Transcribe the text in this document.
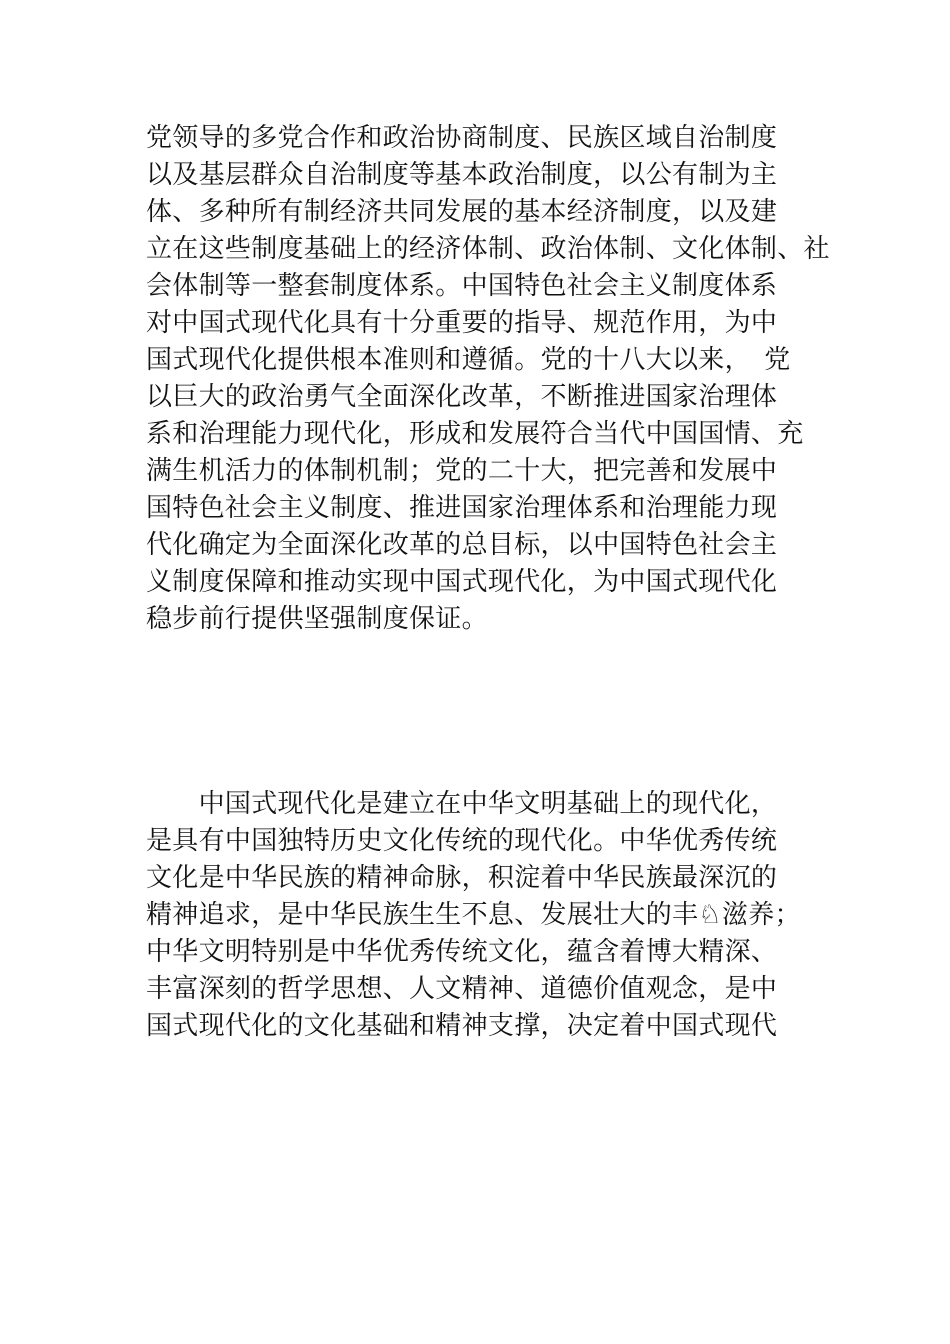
党领导的多党合作和政治协商制度、民族区域自治制度
以及基层群众自治制度等基本政治制度，以公有制为主
体、多种所有制经济共同发展的基本经济制度，以及建
立在这些制度基础上的经济体制、政治体制、文化体制、社
会体制等一整套制度体系。中国特色社会主义制度体系
对中国式现代化具有十分重要的指导、规范作用，为中
国式现代化提供根本准则和遵循。党的十八大以来，　党
以巨大的政治勇气全面深化改革，不断推进国家治理体
系和治理能力现代化，形成和发展符合当代中国国情、充
满生机活力的体制机制；党的二十大，把完善和发展中
国特色社会主义制度、推进国家治理体系和治理能力现
代化确定为全面深化改革的总目标，以中国特色社会主
义制度保障和推动实现中国式现代化，为中国式现代化
稳步前行提供坚强制度保证。
　　中国式现代化是建立在中华文明基础上的现代化，
是具有中国独特历史文化传统的现代化。中华优秀传统
文化是中华民族的精神命脉，积淀着中华民族最深沉的
精神追求，是中华民族生生不息、发展壮大的丰♘滋养；
中华文明特别是中华优秀传统文化，蕴含着博大精深、
丰富深刻的哲学思想、人文精神、道德价值观念，是中
国式现代化的文化基础和精神支撑，决定着中国式现代
